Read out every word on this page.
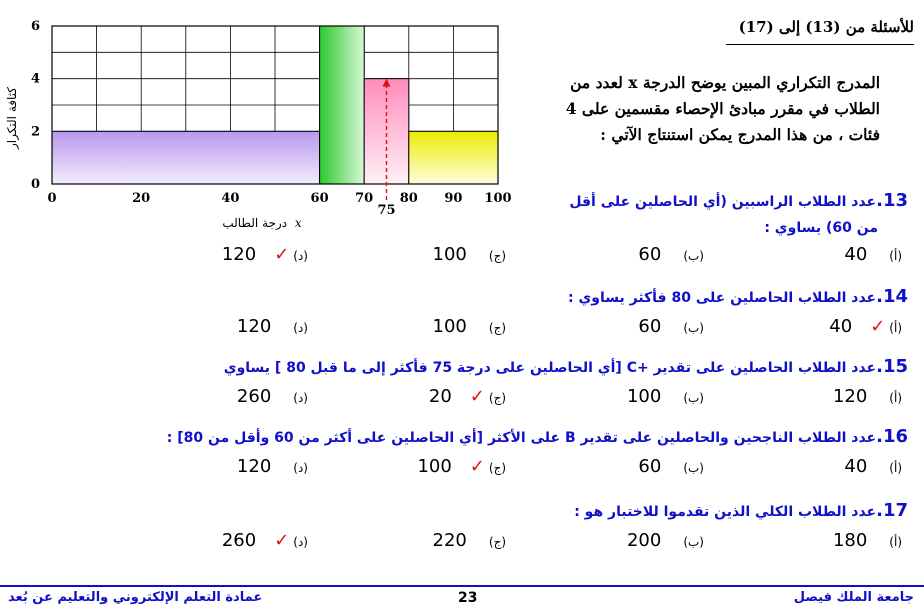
0	20	40	60 70 80 90 100
0
2
4
6
75
كثافة التكرار
درجة الطالب x
للأسئلة من (13) إلى (17)
المدرج التكراري المبين يوضح الدرجة x لعدد من
الطلاب في مقرر مبادئ الإحصاء مقسمين على 4
فئات ، من هذا المدرج يمكن استنتاج الآتي :
13.عدد الطلاب الراسبين (أي الحاصلين على أقل
من 60) يساوي :
(أ)40
(ب)60
(ج)100
(د)✓120
14.عدد الطلاب الحاصلين على 80 فأكثر يساوي :
(أ)✓40
(ب)60
(ج)100
(د)120
15.عدد الطلاب الحاصلين على تقدير +C [أي الحاصلين على درجة 75 فأكثر إلى ما قبل 80 ] يساوي
(أ)120
(ب)100
(ج)✓20
(د)260
16.عدد الطلاب الناجحين والحاصلين على تقدير B على الأكثر [أي الحاصلين على أكثر من 60 وأقل من 80] :
(أ)40
(ب)60
(ج)✓100
(د)120
17.عدد الطلاب الكلي الذين تقدموا للاختبار هو :
(أ)180
(ب)200
(ج)220
(د)✓260
جامعة الملك فيصل
23
عمادة التعلم الإلكتروني والتعليم عن بُعد
